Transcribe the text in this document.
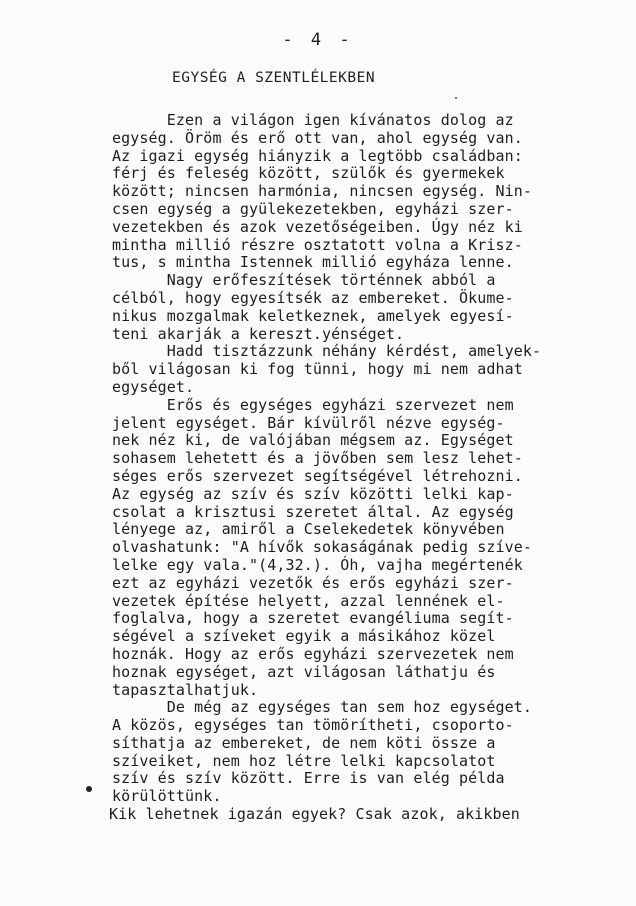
- 4 -
EGYSÉG A SZENTLÉLEKBEN
Ezen a világon igen kívánatos dolog az
egység. Öröm és erő ott van, ahol egység van.
Az igazi egység hiányzik a legtöbb családban:
férj és feleség között, szülők és gyermekek
között; nincsen harmónia, nincsen egység. Nin-
csen egység a gyülekezetekben, egyházi szer-
vezetekben és azok vezetőségeiben. Úgy néz ki
mintha millió részre osztatott volna a Krisz-
tus, s mintha Istennek millió egyháza lenne.
Nagy erőfeszítések történnek abból a
célból, hogy egyesítsék az embereket. Ökume-
nikus mozgalmak keletkeznek, amelyek egyesí-
teni akarják a kereszt.yénséget.
Hadd tisztázzunk néhány kérdést, amelyek-
ből világosan ki fog tünni, hogy mi nem adhat
egységet.
Erős és egységes egyházi szervezet nem
jelent egységet. Bár kívülről nézve egység-
nek néz ki, de valójában mégsem az. Egységet
sohasem lehetett és a jövőben sem lesz lehet-
séges erős szervezet segítségével létrehozni.
Az egység az szív és szív közötti lelki kap-
csolat a krisztusi szeretet által. Az egység
lényege az, amiről a Cselekedetek könyvében
olvashatunk: "A hívők sokaságának pedig szíve-
lelke egy vala."(4,32.). Óh, vajha megértenék
ezt az egyházi vezetők és erős egyházi szer-
vezetek építése helyett, azzal lennének el-
foglalva, hogy a szeretet evangéliuma segít-
ségével a szíveket egyik a másikához közel
hoznák. Hogy az erős egyházi szervezetek nem
hoznak egységet, azt világosan láthatju és
tapasztalhatjuk.
De még az egységes tan sem hoz egységet.
A közös, egységes tan tömörítheti, csoporto-
síthatja az embereket, de nem köti össze a
szíveiket, nem hoz létre lelki kapcsolatot
szív és szív között. Erre is van elég példa
körülöttünk.
Kik lehetnek igazán egyek? Csak azok, akikben
